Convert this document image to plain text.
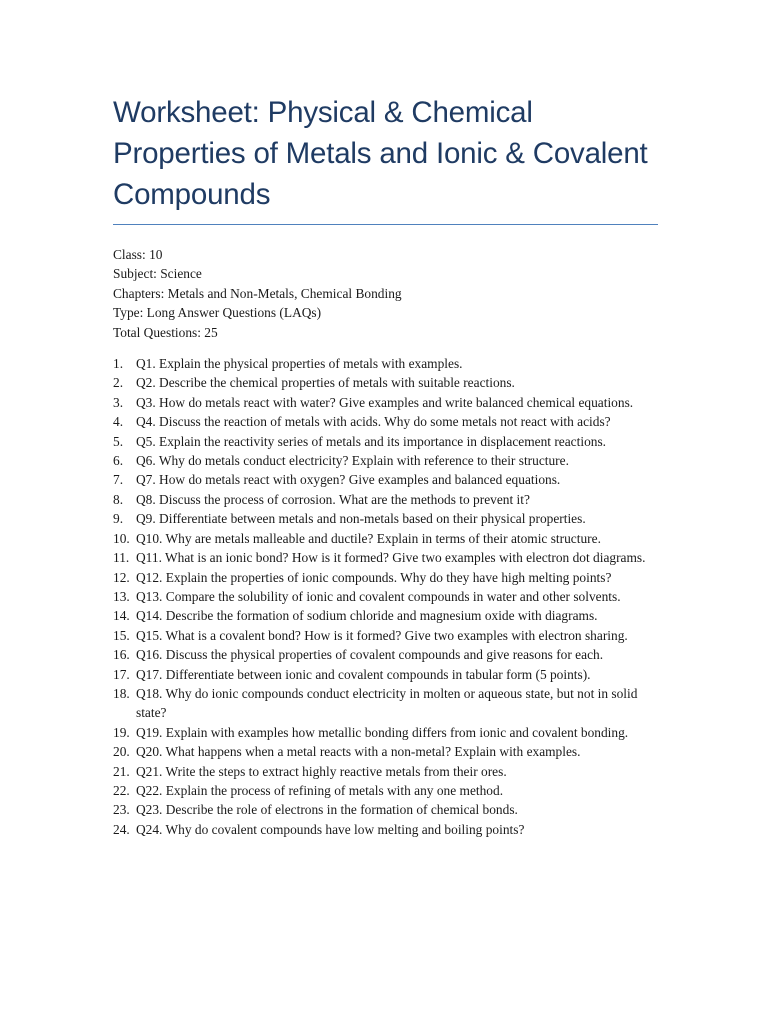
Worksheet: Physical & Chemical Properties of Metals and Ionic & Covalent Compounds
Class: 10
Subject: Science
Chapters: Metals and Non-Metals, Chemical Bonding
Type: Long Answer Questions (LAQs)
Total Questions: 25
1. Q1. Explain the physical properties of metals with examples.
2. Q2. Describe the chemical properties of metals with suitable reactions.
3. Q3. How do metals react with water? Give examples and write balanced chemical equations.
4. Q4. Discuss the reaction of metals with acids. Why do some metals not react with acids?
5. Q5. Explain the reactivity series of metals and its importance in displacement reactions.
6. Q6. Why do metals conduct electricity? Explain with reference to their structure.
7. Q7. How do metals react with oxygen? Give examples and balanced equations.
8. Q8. Discuss the process of corrosion. What are the methods to prevent it?
9. Q9. Differentiate between metals and non-metals based on their physical properties.
10. Q10. Why are metals malleable and ductile? Explain in terms of their atomic structure.
11. Q11. What is an ionic bond? How is it formed? Give two examples with electron dot diagrams.
12. Q12. Explain the properties of ionic compounds. Why do they have high melting points?
13. Q13. Compare the solubility of ionic and covalent compounds in water and other solvents.
14. Q14. Describe the formation of sodium chloride and magnesium oxide with diagrams.
15. Q15. What is a covalent bond? How is it formed? Give two examples with electron sharing.
16. Q16. Discuss the physical properties of covalent compounds and give reasons for each.
17. Q17. Differentiate between ionic and covalent compounds in tabular form (5 points).
18. Q18. Why do ionic compounds conduct electricity in molten or aqueous state, but not in solid state?
19. Q19. Explain with examples how metallic bonding differs from ionic and covalent bonding.
20. Q20. What happens when a metal reacts with a non-metal? Explain with examples.
21. Q21. Write the steps to extract highly reactive metals from their ores.
22. Q22. Explain the process of refining of metals with any one method.
23. Q23. Describe the role of electrons in the formation of chemical bonds.
24. Q24. Why do covalent compounds have low melting and boiling points?
